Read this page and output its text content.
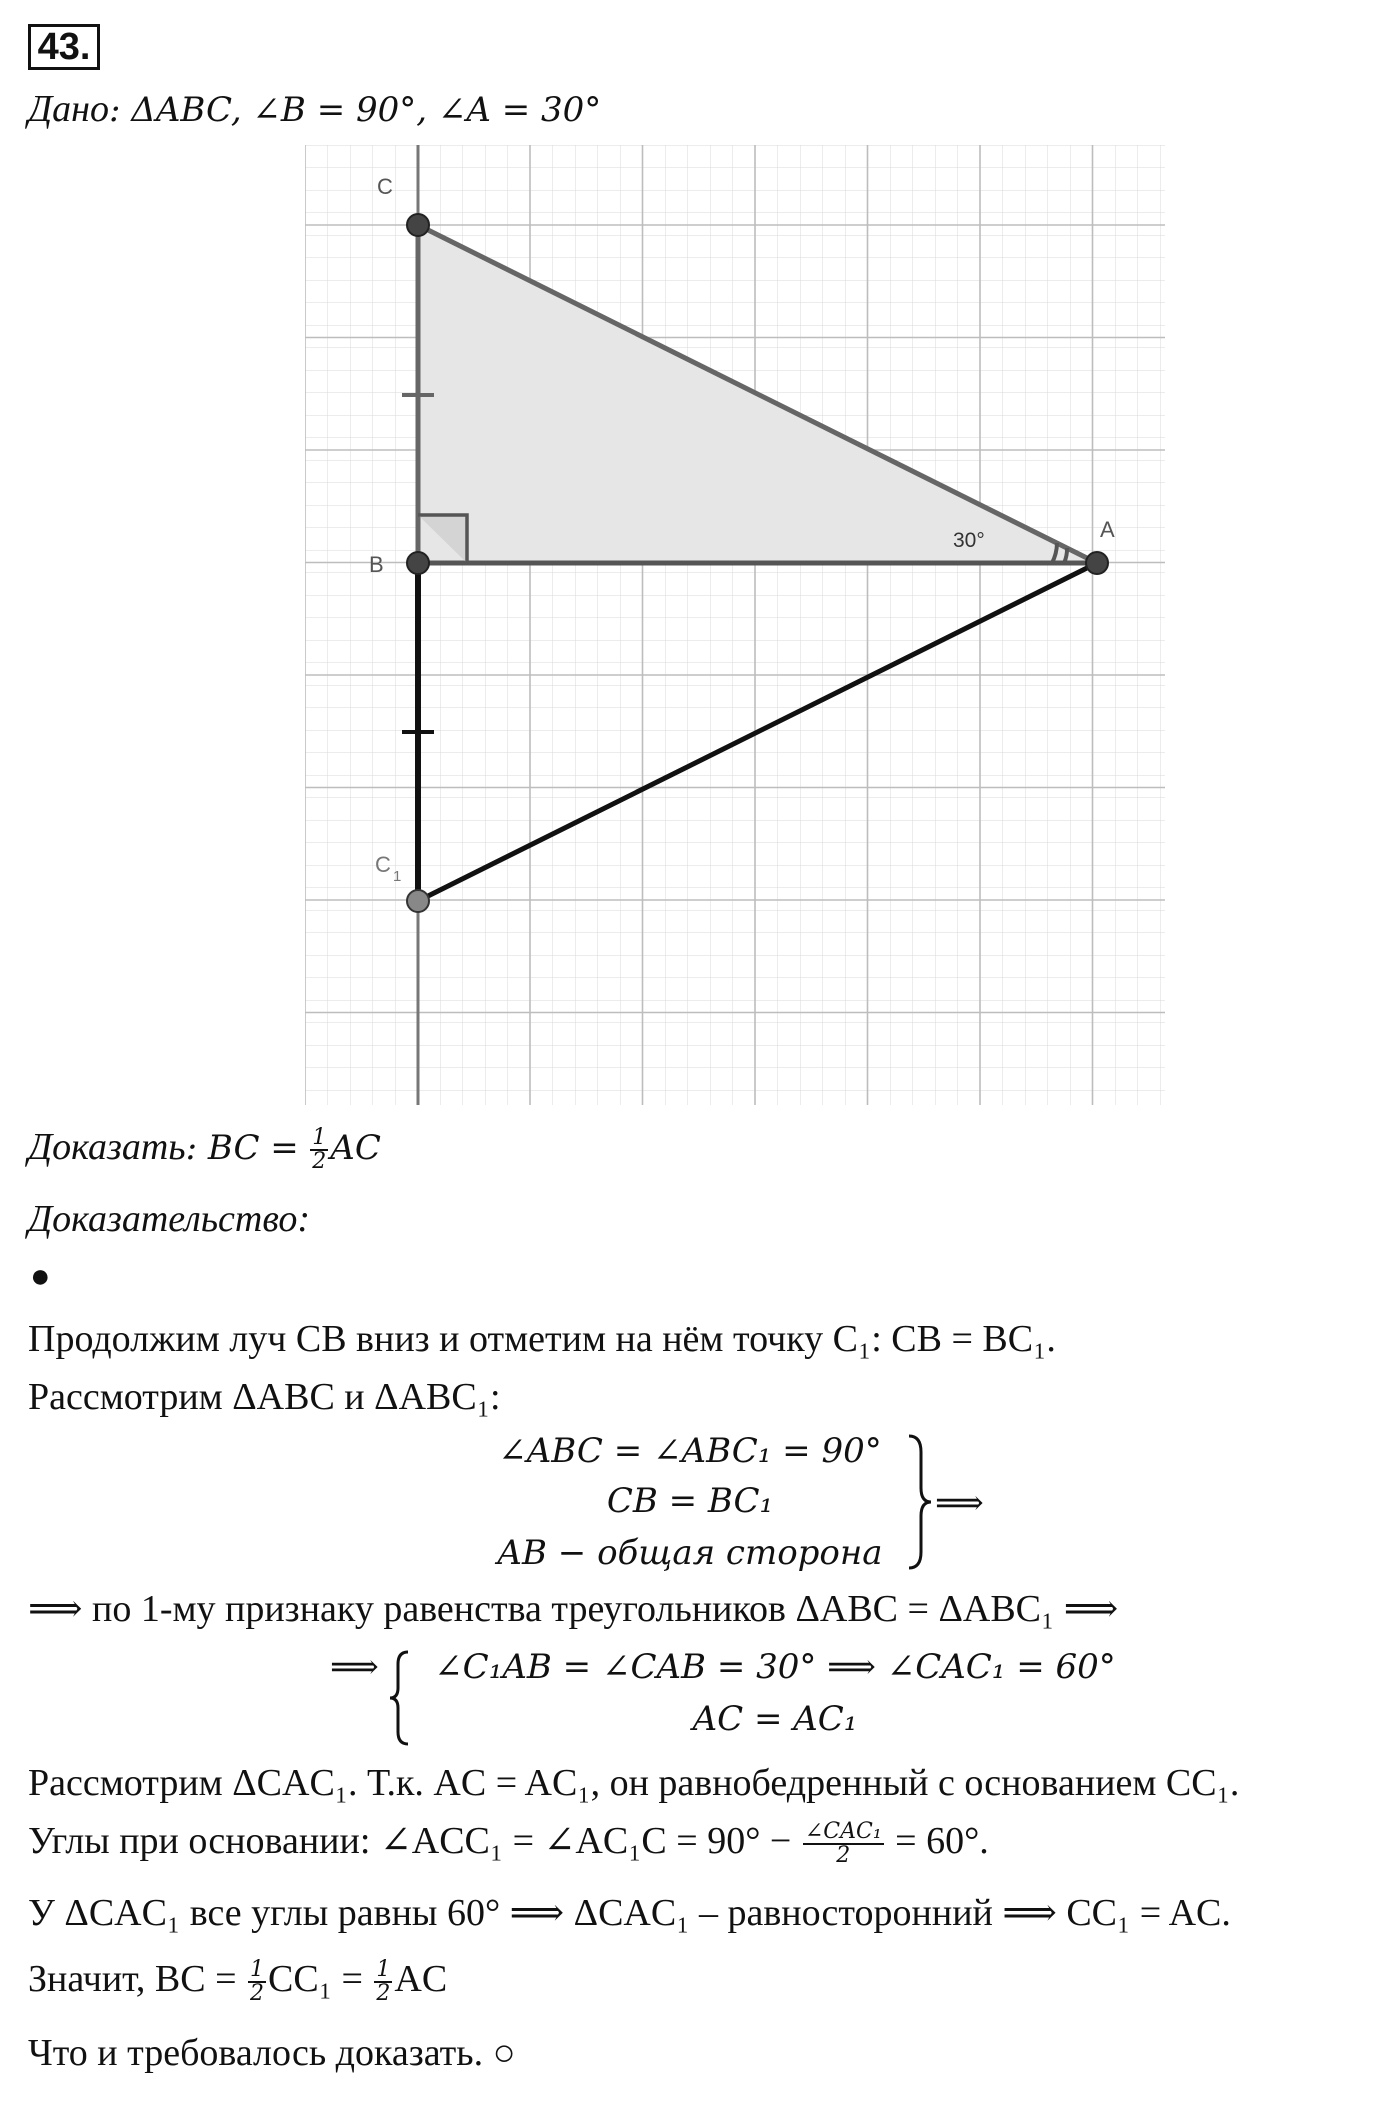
43.
Дано: ΔABC, ∠B = 90°, ∠A = 30°
C
B
A
C 1
30°
Доказать: BC = $\frac{1}{2}$ AC
Доказательство:
●
Продолжим луч CB вниз и отметим на нём точку C₁: CB = BC₁.
Рассмотрим ΔABC и ΔABC₁:
∠ABC = ∠ABC₁ = 90°
CB = BC₁
AB − общая сторона
⟹
⟹ по 1-му признаку равенства треугольников ΔABC = ΔABC₁ ⟹
⟹	∠C₁AB = ∠CAB = 30° ⟹ ∠CAC₁ = 60°
AC = AC₁
Рассмотрим ΔCAC₁. Т.к. AC = AC₁, он равнобедренный с основанием CC₁.
Углы при основании: ∠ACC₁ = ∠AC₁C = $90^\circ - \frac{\text{∠CAC₁}}{2} = 60^\circ$.
У ΔCAC₁ все углы равны 60° ⟹ ΔCAC₁ – равносторонний ⟹ CC₁ = AC.
Значит, BC = $\frac{1}{2} CC_1 = \frac{1}{2}$ AC
Что и требовалось доказать. ○
